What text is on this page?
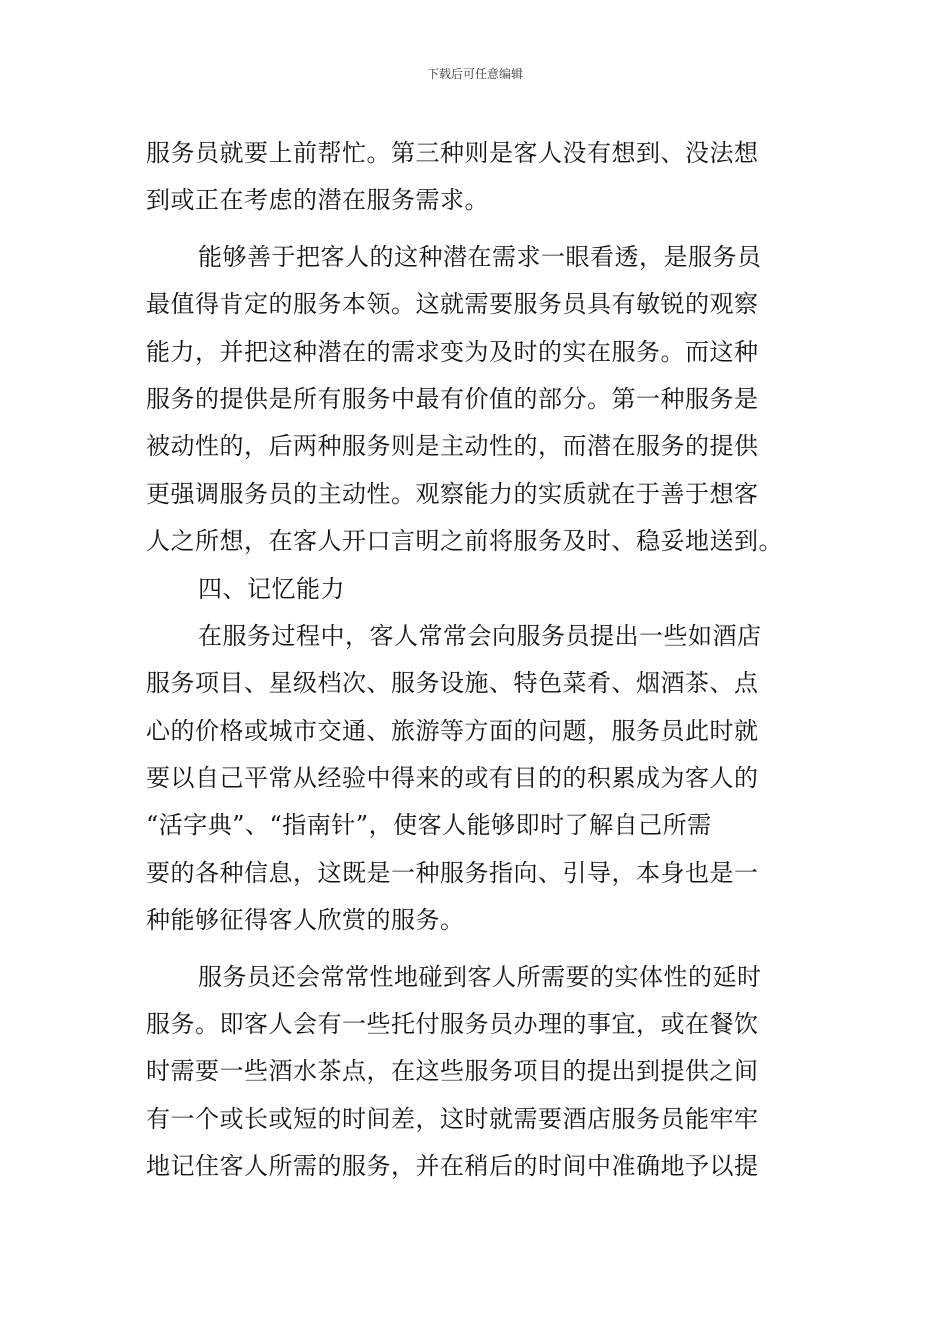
下载后可任意编辑
服务员就要上前帮忙。第三种则是客人没有想到、没法想
到或正在考虑的潜在服务需求。
能够善于把客人的这种潜在需求一眼看透，是服务员
最值得肯定的服务本领。这就需要服务员具有敏锐的观察
能力，并把这种潜在的需求变为及时的实在服务。而这种
服务的提供是所有服务中最有价值的部分。第一种服务是
被动性的，后两种服务则是主动性的，而潜在服务的提供
更强调服务员的主动性。观察能力的实质就在于善于想客
人之所想，在客人开口言明之前将服务及时、稳妥地送到。
四、记忆能力
在服务过程中，客人常常会向服务员提出一些如酒店
服务项目、星级档次、服务设施、特色菜肴、烟酒茶、点
心的价格或城市交通、旅游等方面的问题，服务员此时就
要以自己平常从经验中得来的或有目的的积累成为客人的
“活字典”、“指南针”，使客人能够即时了解自己所需
要的各种信息，这既是一种服务指向、引导，本身也是一
种能够征得客人欣赏的服务。
服务员还会常常性地碰到客人所需要的实体性的延时
服务。即客人会有一些托付服务员办理的事宜，或在餐饮
时需要一些酒水茶点，在这些服务项目的提出到提供之间
有一个或长或短的时间差，这时就需要酒店服务员能牢牢
地记住客人所需的服务，并在稍后的时间中准确地予以提
